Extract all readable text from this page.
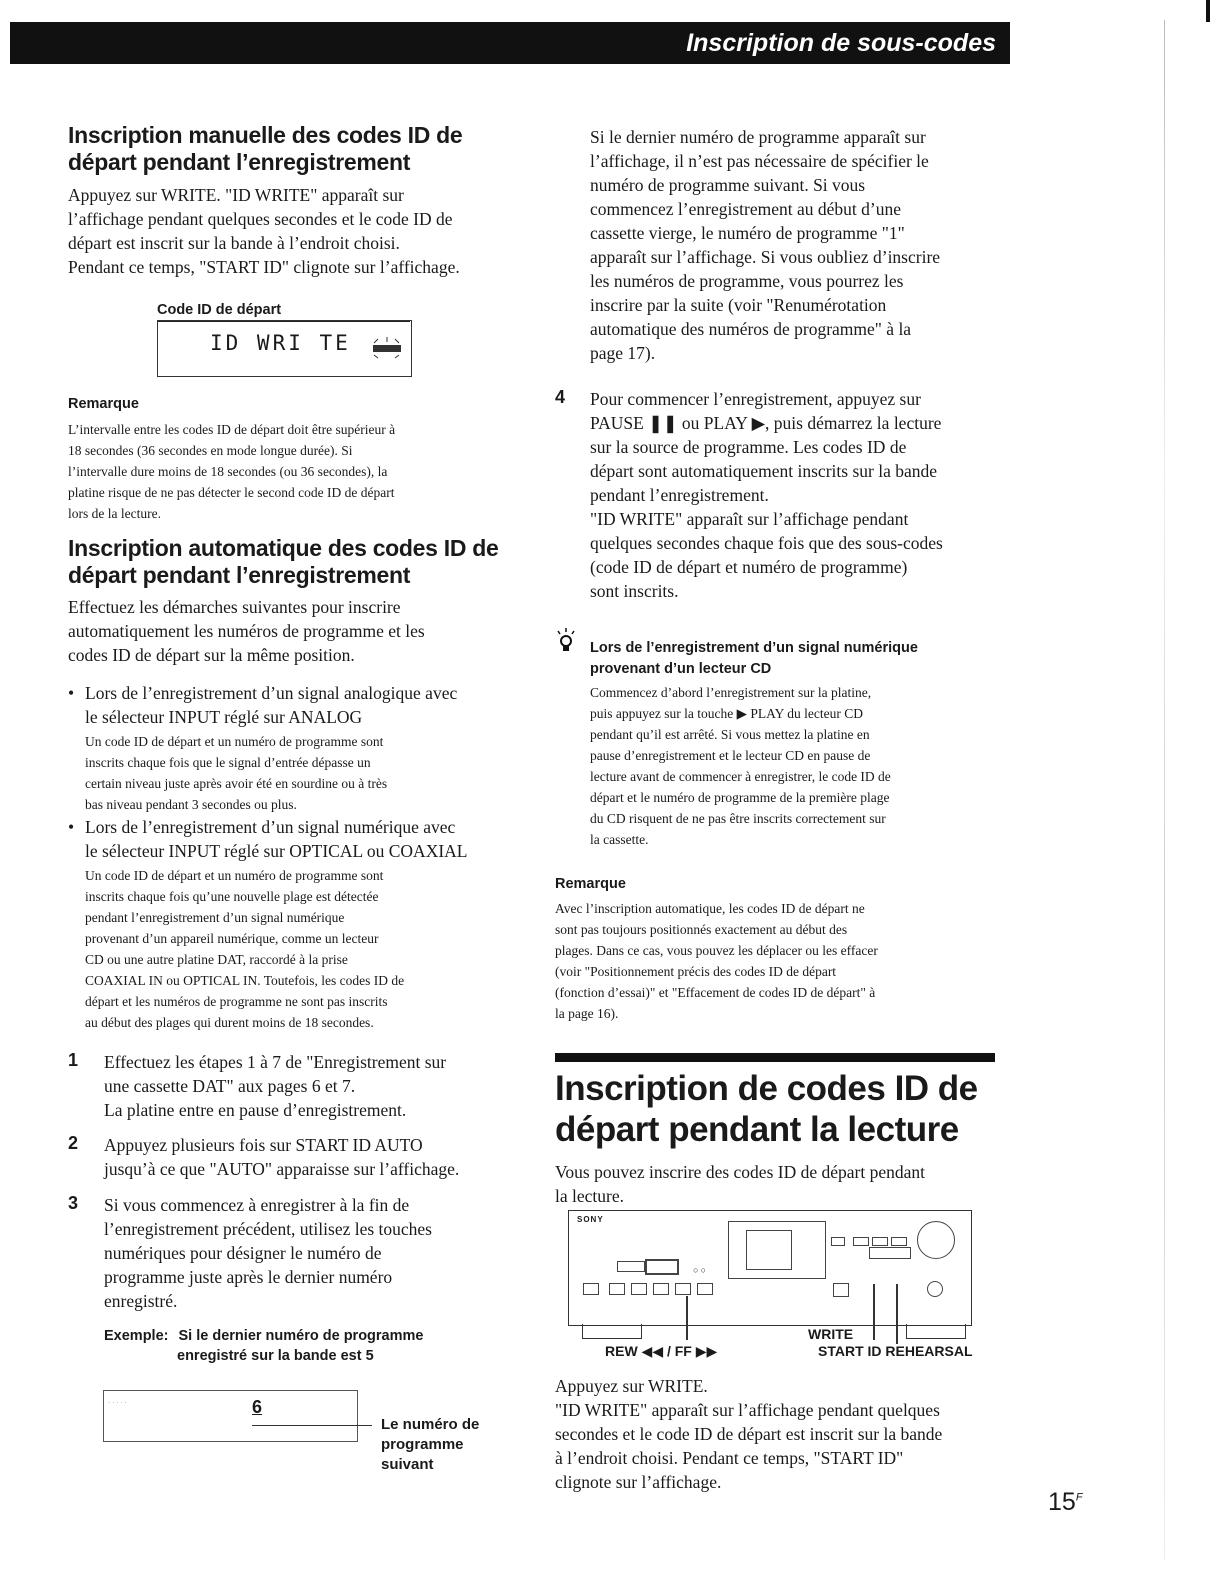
Inscription de sous-codes
Inscription manuelle des codes ID de
départ pendant l’enregistrement

Appuyez sur WRITE. "ID WRITE" apparaît sur

l’affichage pendant quelques secondes et le code ID de

départ est inscrit sur la bande à l’endroit choisi.

Pendant ce temps, "START ID" clignote sur l’affichage.

Code ID de départ
ID WRI TE
Remarque

L’intervalle entre les codes ID de départ doit être supérieur à

18 secondes (36 secondes en mode longue durée). Si

l’intervalle dure moins de 18 secondes (ou 36 secondes), la

platine risque de ne pas détecter le second code ID de départ

lors de la lecture.

Inscription automatique des codes ID de
départ pendant l’enregistrement

Effectuez les démarches suivantes pour inscrire

automatiquement les numéros de programme et les

codes ID de départ sur la même position.

• Lors de l’enregistrement d’un signal analogique avec

le sélecteur INPUT réglé sur ANALOG

Un code ID de départ et un numéro de programme sont

inscrits chaque fois que le signal d’entrée dépasse un

certain niveau juste après avoir été en sourdine ou à très

bas niveau pendant 3 secondes ou plus.

• Lors de l’enregistrement d’un signal numérique avec

le sélecteur INPUT réglé sur OPTICAL ou COAXIAL

Un code ID de départ et un numéro de programme sont

inscrits chaque fois qu’une nouvelle plage est détectée

pendant l’enregistrement d’un signal numérique

provenant d’un appareil numérique, comme un lecteur

CD ou une autre platine DAT, raccordé à la prise

COAXIAL IN ou OPTICAL IN. Toutefois, les codes ID de

départ et les numéros de programme ne sont pas inscrits

au début des plages qui durent moins de 18 secondes.

1 Effectuez les étapes 1 à 7 de "Enregistrement sur

une cassette DAT" aux pages 6 et 7.

La platine entre en pause d’enregistrement.

2 Appuyez plusieurs fois sur START ID AUTO

jusqu’à ce que "AUTO" apparaisse sur l’affichage.

3 Si vous commencez à enregistrer à la fin de

l’enregistrement précédent, utilisez les touches

numériques pour désigner le numéro de

programme juste après le dernier numéro

enregistré.

Exemple: Si le dernier numéro de programme
enregistré sur la bande est 5
· · · · ·	6
Le numéro de
programme
suivant

Si le dernier numéro de programme apparaît sur

l’affichage, il n’est pas nécessaire de spécifier le

numéro de programme suivant. Si vous

commencez l’enregistrement au début d’une

cassette vierge, le numéro de programme "1"

apparaît sur l’affichage. Si vous oubliez d’inscrire

les numéros de programme, vous pourrez les

inscrire par la suite (voir "Renumérotation

automatique des numéros de programme" à la

page 17).

4 Pour commencer l’enregistrement, appuyez sur

PAUSE ❚❚ ou PLAY ▶, puis démarrez la lecture

sur la source de programme. Les codes ID de

départ sont automatiquement inscrits sur la bande

pendant l’enregistrement.

"ID WRITE" apparaît sur l’affichage pendant

quelques secondes chaque fois que des sous-codes

(code ID de départ et numéro de programme)

sont inscrits.

Lors de l’enregistrement d’un signal numérique
provenant d’un lecteur CD

Commencez d’abord l’enregistrement sur la platine,

puis appuyez sur la touche ▶ PLAY du lecteur CD

pendant qu’il est arrêté. Si vous mettez la platine en

pause d’enregistrement et le lecteur CD en pause de

lecture avant de commencer à enregistrer, le code ID de

départ et le numéro de programme de la première plage

du CD risquent de ne pas être inscrits correctement sur

la cassette.

Remarque

Avec l’inscription automatique, les codes ID de départ ne

sont pas toujours positionnés exactement au début des

plages. Dans ce cas, vous pouvez les déplacer ou les effacer

(voir "Positionnement précis des codes ID de départ

(fonction d’essai)" et "Effacement de codes ID de départ" à

la page 16).

Inscription de codes ID de
départ pendant la lecture

Vous pouvez inscrire des codes ID de départ pendant

la lecture.

SONY
○ ○
REW ◀◀ / FF ▶▶
WRITE
START ID REHEARSAL

Appuyez sur WRITE.

"ID WRITE" apparaît sur l’affichage pendant quelques

secondes et le code ID de départ est inscrit sur la bande

à l’endroit choisi. Pendant ce temps, "START ID"

clignote sur l’affichage.

$15^F$
